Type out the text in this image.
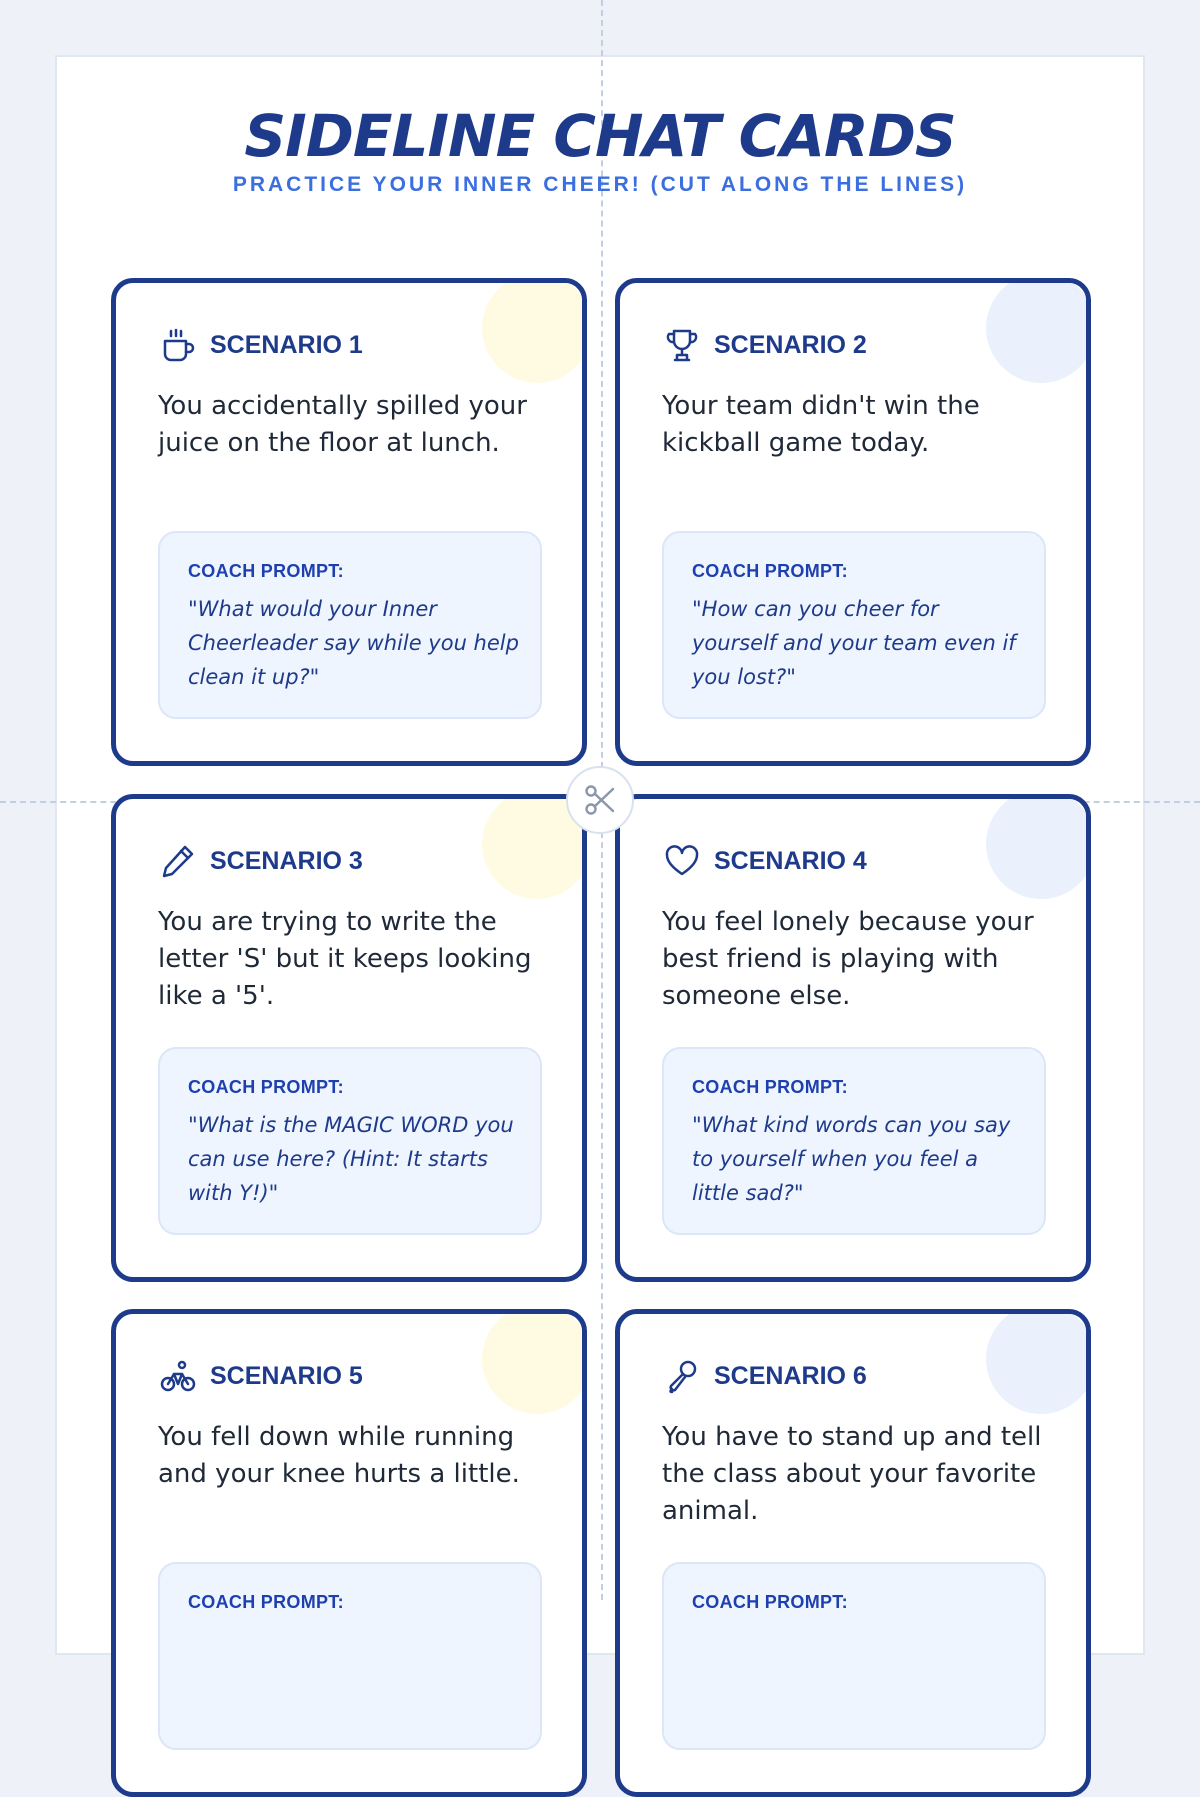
SIDELINE CHAT CARDS
PRACTICE YOUR INNER CHEER! (CUT ALONG THE LINES)
SCENARIO 1

You accidentally spilled your juice on the floor at lunch.

COACH PROMPT:
"What would your Inner Cheerleader say while you help clean it up?"
SCENARIO 2

Your team didn't win the kickball game today.

COACH PROMPT:
"How can you cheer for yourself and your team even if you lost?"
SCENARIO 3

You are trying to write the letter 'S' but it keeps looking like a '5'.

COACH PROMPT:
"What is the MAGIC WORD you can use here? (Hint: It starts with Y!)"
SCENARIO 4

You feel lonely because your best friend is playing with someone else.

COACH PROMPT:
"What kind words can you say to yourself when you feel a little sad?"
SCENARIO 5

You fell down while running and your knee hurts a little.

COACH PROMPT:
SCENARIO 6

You have to stand up and tell the class about your favorite animal.

COACH PROMPT:
